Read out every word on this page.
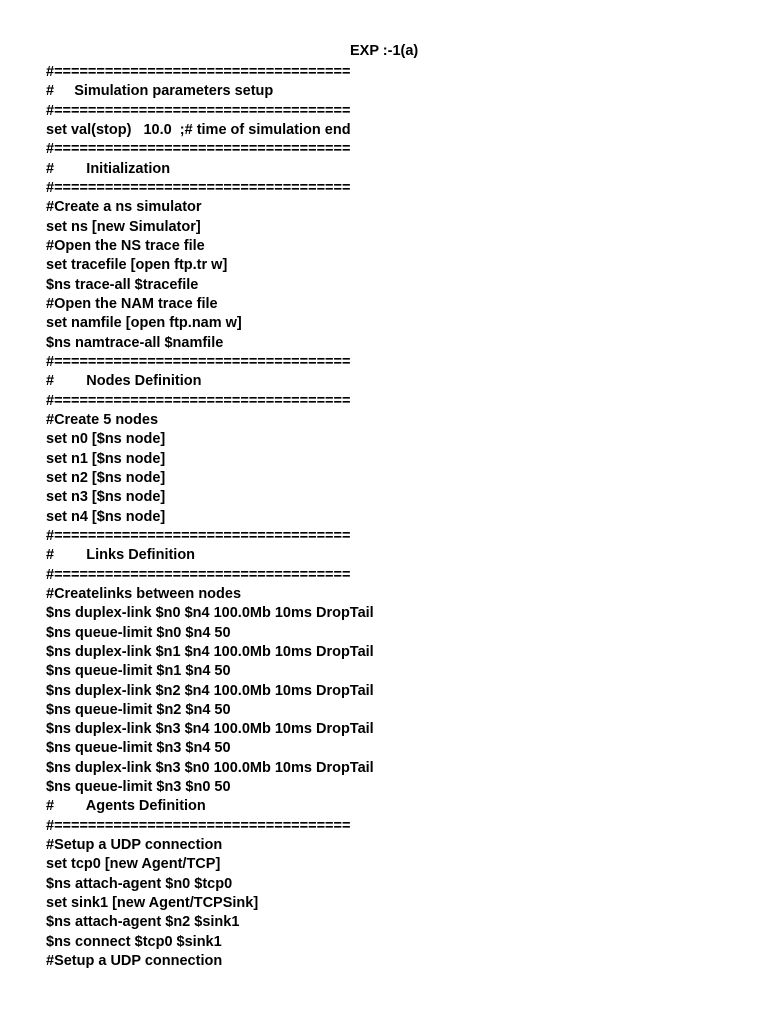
EXP :-1(a)
#===================================
#     Simulation parameters setup
#===================================
set val(stop)   10.0  ;# time of simulation end
#===================================
#        Initialization
#===================================
#Create a ns simulator
set ns [new Simulator]
#Open the NS trace file
set tracefile [open ftp.tr w]
$ns trace-all $tracefile
#Open the NAM trace file
set namfile [open ftp.nam w]
$ns namtrace-all $namfile
#===================================
#        Nodes Definition
#===================================
#Create 5 nodes
set n0 [$ns node]
set n1 [$ns node]
set n2 [$ns node]
set n3 [$ns node]
set n4 [$ns node]
#===================================
#        Links Definition
#===================================
#Createlinks between nodes
$ns duplex-link $n0 $n4 100.0Mb 10ms DropTail
$ns queue-limit $n0 $n4 50
$ns duplex-link $n1 $n4 100.0Mb 10ms DropTail
$ns queue-limit $n1 $n4 50
$ns duplex-link $n2 $n4 100.0Mb 10ms DropTail
$ns queue-limit $n2 $n4 50
$ns duplex-link $n3 $n4 100.0Mb 10ms DropTail
$ns queue-limit $n3 $n4 50
$ns duplex-link $n3 $n0 100.0Mb 10ms DropTail
$ns queue-limit $n3 $n0 50
#        Agents Definition
#===================================
#Setup a UDP connection
set tcp0 [new Agent/TCP]
$ns attach-agent $n0 $tcp0
set sink1 [new Agent/TCPSink]
$ns attach-agent $n2 $sink1
$ns connect $tcp0 $sink1
#Setup a UDP connection
